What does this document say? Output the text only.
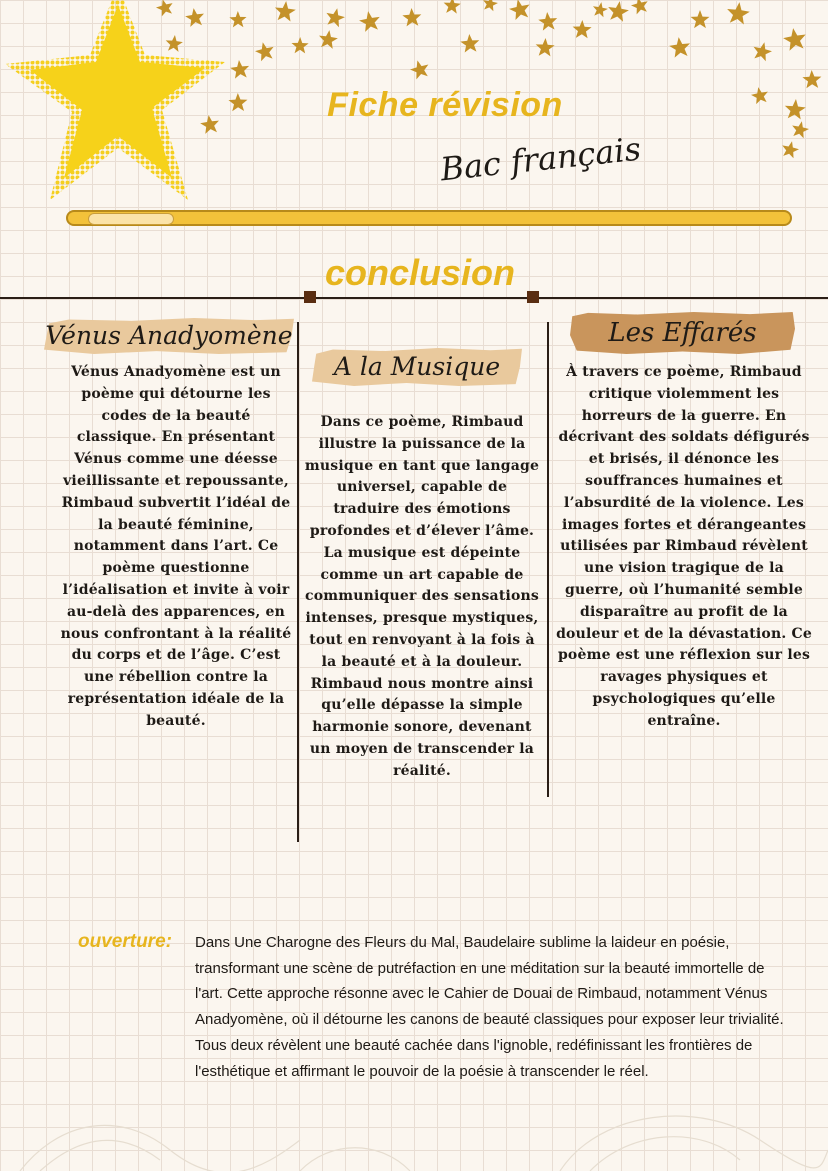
Fiche révision
Bac français
conclusion
Vénus Anadyomène
Vénus Anadyomène est un poème qui détourne les codes de la beauté classique. En présentant Vénus comme une déesse vieillissante et repoussante, Rimbaud subvertit l’idéal de la beauté féminine, notamment dans l’art. Ce poème questionne l’idéalisation et invite à voir au-delà des apparences, en nous confrontant à la réalité du corps et de l’âge. C’est une rébellion contre la représentation idéale de la beauté.
A la Musique
Dans ce poème, Rimbaud illustre la puissance de la musique en tant que langage universel, capable de traduire des émotions profondes et d’élever l’âme. La musique est dépeinte comme un art capable de communiquer des sensations intenses, presque mystiques, tout en renvoyant à la fois à la beauté et à la douleur. Rimbaud nous montre ainsi qu’elle dépasse la simple harmonie sonore, devenant un moyen de transcender la réalité.
Les Effarés
À travers ce poème, Rimbaud critique violemment les horreurs de la guerre. En décrivant des soldats défigurés et brisés, il dénonce les souffrances humaines et l’absurdité de la violence. Les images fortes et dérangeantes utilisées par Rimbaud révèlent une vision tragique de la guerre, où l’humanité semble disparaître au profit de la douleur et de la dévastation. Ce poème est une réflexion sur les ravages physiques et psychologiques qu’elle entraîne.
ouverture: Dans Une Charogne des Fleurs du Mal, Baudelaire sublime la laideur en poésie, transformant une scène de putréfaction en une méditation sur la beauté immortelle de l'art. Cette approche résonne avec le Cahier de Douai de Rimbaud, notamment Vénus Anadyomène, où il détourne les canons de beauté classiques pour exposer leur trivialité.

Tous deux révèlent une beauté cachée dans l'ignoble, redéfinissant les frontières de l'esthétique et affirmant le pouvoir de la poésie à transcender le réel.
